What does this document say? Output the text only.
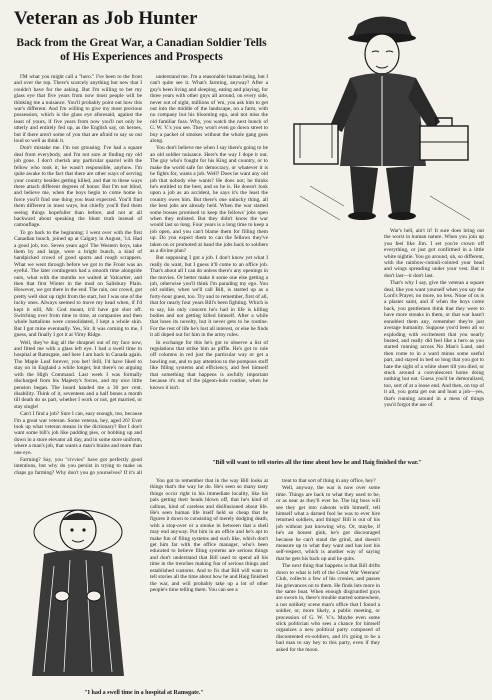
Veteran as Job Hunter
Back from the Great War, a Canadian Soldier Tells of His Experiences and Prospects

I'M what you might call a "hero." I've been to the front and over the top. There's scarcely anything but new that I couldn't have for the asking. But I'm willing to bet my glass eye that five years from now most people will be thinking me a nuisance. You'll probably point out how this war's different. And I'm willing to give my most precious possession, which is the glass eye aforesaid, against the least of yours, if five years from now you'll not only be utterly and entirely fed up, as the English say, on heroes, but if there aren't some of you that are afraid to say so out loud so well as think it.

Don't mistake me. I'm not grousing. I've had a square deal from everybody, and I'm not sore at finding my old job gone. I don't cherish any particular quarrel with the fellow who took it; he wasn't responsible, anyhow. I'm quite awake to the fact that there are other ways of serving your country besides getting killed, and that to these ways there attach different degrees of honor. But I'm not blind, and believe me, when the boys begin to come home in force you'll find one thing you least expected. You'll find them different in most ways, but chiefly you'll find them seeing things hopefuller than before, and not at all backward about speaking the blunt truth instead of camouflage.

To go back to the beginning: I went over with the first Canadian bunch, joined up at Calgary in August, '14. Had a good job, too. Seven years ago! The Western boys, take them by and large, were a bright bunch, a kind of handpicked crowd of good sports and rough scrappers. What we went through before we got to the Front was an eyeful. The later contingents had a smooth time alongside ours, what with the months we waited at Valcartier, and then that first Winter in the mud on Salisbury Plain. However, we got there in the end. The rain, our crowd, got pretty well shot up right from the start, but I was one of the lucky ones. Always seemed to move my head when, if I'd kept it still, Mr. God meant, it'd have got shot off. Switching over from time to time, at companies and then whole battalions were consolidated, I kept a whole skin. But I got mine eventually. Yes, Sir. It was coming to me, I guess, and finally I got it at Vimy Ridge.

Well, they've dug all the shrapnel out of my face now, and fitted me with a glass left eye. I had a swell time in hospital at Ramsgate, and here I am back in Canada again. The Maple Leaf forever, you bet! Still, I'd have liked to stay on in England a while longer, but there's no arguing with the High Command. Last week I was formally discharged from his Majesty's forces, and my nice little pension began. The board handed me a 30 per cent. disability. Think of it, seventeen and a half bones a month till death do us part, whether I work or not, get married, or stay single!

Can't I find a job? Sure I can, easy enough, too, because I'm a great war veteran. Some veteran, hey, aged 26? Ever look up what veteran means in the dictionary? But I don't want some bill's job like padding pies, or bobbing up and down in a store elevator all day, and in some store uniform, where a man's job, that wants a man's brains and more than one eye.

Farming? Say, you "civvies" have got perfectly good intentions, but why do you persist in trying to make us chaps go farming? Why don't you go yourselves? If it's all

understand me. I'm a reasonable human being, but I can't quite see it. What's farming, anyway? After a guy's been living and sleeping, eating and playing, for three years with other guys all around, on every side, never out of sight, millions of 'em, you ask him to get out into the middle of the landscape, on a farm, with no company but his blooming ego, and not miss the old familiar fuss. Why, you watch the next bunch of G. W. V.'s you see. They won't even go down street to buy a packet of smokes without the whole gang goes along.

You don't believe me when I say there's going to be an old soldier nuisance. Here's the way I dope it out. The guy who's fought for his King and country, or to make the world safe for democracy, or whatever it is he fights for, wants a job. Well? Does he want any old job that nobody else wants? He does not; he thinks he's entitled to the best, and so he is. He doesn't look upon a job as an accident, he says it's the least the country owes him. But there's one unlucky thing, all the best jobs are already held. When the war started some bosses promised to keep the fellows' jobs open when they enlisted. But they didn't know the war would last so long. Four years is a long time to keep a job open, and you can't blame them for filling them up. Do you expect them to can the fellows they've taken on or promoted at hand the jobs back to soldiers as a divine plan?

But supposing I got a job. I don't know yet what I really do want, but I guess it'll come to an office job. That's about all I can do unless there's any openings in the movies. Or better make it some one else getting a job, otherwise you'll think I'm parading my ego. You old soldier, when we'll call Bill, is started up as a forty-hour guest, too. Try and to remember, first of all, that for nearly four years Bill's been fighting. Which is to say, his only concern he's had in life is killing bodies and not getting killed himself. After a while that loses its novelty, but it never gets to be routine. For the rest of life he's lost all interest, or else he finds it all doped out for him in the army rules.

In exchange for this he's got to observe a list of regulations that strike him as piffle. He's got to rule off columns in red just the particular way or get a bawling out, and to pay attention to the pompous stuff like filling systems and efficiency, and feel himself that something that happens is awfully important because it's out of the pigeon-hole routine, when he knows it isn't.

War's hell, ain't it? It sure does bring out the worst in human nature. When you join up you feel like Jim. I set you're crown off everything, or just got confirmed in a little white nightie. You go around, oh, so different, with the rainbow-cumuli-colored your head and wings spreading under your vest. But it don't last—it don't last.

That's why I say, give the veteran a square deal, like you want yourself when you say the Lord's Prayer, no more, no less. None of us is a plaster saint, and if when the boys come back, you gentlemen think that they were to have more streaks in them, or that war hasn't ennobled them any, remember they're just average humanity. Suppose you'd been all so exploding with excitement that you nearly busted, and really did feel like a hero as you started running across No Man's Land, and then come to in a ward minus some useful part, and stayed in bed so long that you got to hate the sight of a white sheet till you died, or stuck around a convalescent home doing nothing but eat. Guess you'd be demoralized, too, sort of at a loose end. And then, on top of it all, you gotta get out and hunt a job—yes, that's running around in a mess of things you'd forgot the use of.

"Bill will want to tell stories all the time about how he and Haig finished the war."

You got to remember that in the way Bill looks at things that's the way he do. He's seen so many tasty things occur right in his immediate locality, like his pals getting their heads blown off, that he's kind of callous, kind of careless and disillusioned about life. He's seen human life itself held so cheap that he figures it down to consisting of merely dodging death, with a stop-over or a smoke in between that a shell may end anyway. Put him in an office and he's apt to make fun of filing systems and such like, which don't get him far with the office manager, who's been educated to believe filing systems are serious things and don't understand that Bill used to spend all his time in the trenches making fun of serious things and established customs. And to fix that Bill will want to tell stories all the time about how he and Haig finished the war, and will probably take up a lot of other people's time telling them. You can see a

treat to that sort of thing in any office, hey?

Well, anyway, the war is now over some time. Things are back to what they used to be, or as near as they'll ever be. The big boss will see they get into cahoots with himself, tell himself what a darned fool he was to ever hire returned soldiers, and things! Bill is out of his job without just knowing why. Or, maybe, if he's an honest gink, he's got discouraged because he can't stand the grind, and doesn't measure up to what they want and has lost his self-respect, which is another way of saying that he gets his back up and he quits.

The next thing that happens is that Bill drifts down to what is left of the Great War Veterans' Club, collects a few of his cronies, and passes his grievances on to them. He finds lots more in the same boat. When enough disgruntled guys are sworn in, there's trouble started somewhere, a not unlikely scene man's office that I found a soldier, or, more likely, a public meeting, or procession of G. W. V.'s. Maybe even some slick politician who sees a chance for himself organizes a new political party composed of discontented ex-soldiers, and it's going to be a bad man to say hey to this party, even if they asked for the moon.

"I had a swell time in a hospital at Ramsgate."
